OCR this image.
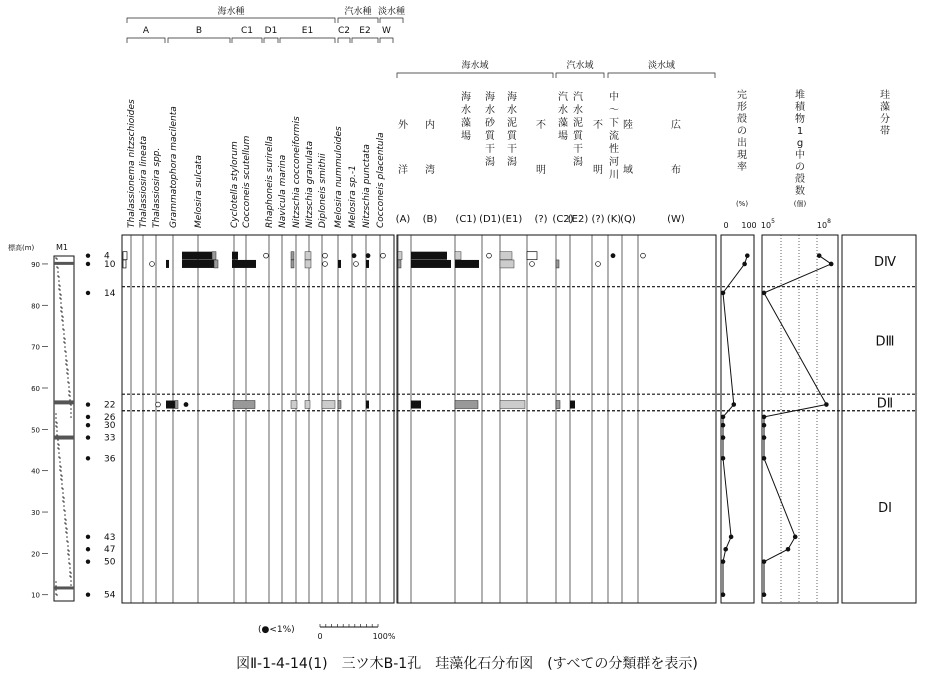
海水種	汽水種 淡水種
A	B	C1 D1	E1	C2 E2 W
Thalassionema nitzschioides Thalassiosira lineata Thalassiosira spp. Grammatophora macilenta Melosira sulcata	Cyclotella stylorum Cocconeis scutellum Rhaphoneis surirella Navicula marina Nitzschia cocconeiformis Nitzschia granulata Diploneis smithii Melosira nummuloides Melosira sp.-1 Nitzschia punctata Cocconeis placentula
海水域	汽水域	淡水域
外
洋
(A)
内
湾
(B)
海
水
藻
場
(C1)
海
水
砂
質
干
潟
(D1)
海
水
泥
質
干
潟
(E1)
不
明
(?)
汽
水
藻
場
(C2)
汽
水
泥
質
干
潟
(E2)
不
明
(?)
中
〜
下
流
性
河
川
(K)
陸
域
(Q)
広
布
(W)
完
形
殻
の
出
現
率
(%)
0 100
堆
積
物
1
g
中
の
殻
数
(個)
10 5	10 8
珪
藻
分
帯
DⅣ
DⅢ
DⅡ
DⅠ
標高(m)	M1
90
80
70
60
50
40
30
20
10
4
10
14
22
26
30
33
36
43
47
50
54
(●<1%)
0	100%
図Ⅱ-1-4-14(1)　三ツ木B-1孔　珪藻化石分布図　(すべての分類群を表示)
